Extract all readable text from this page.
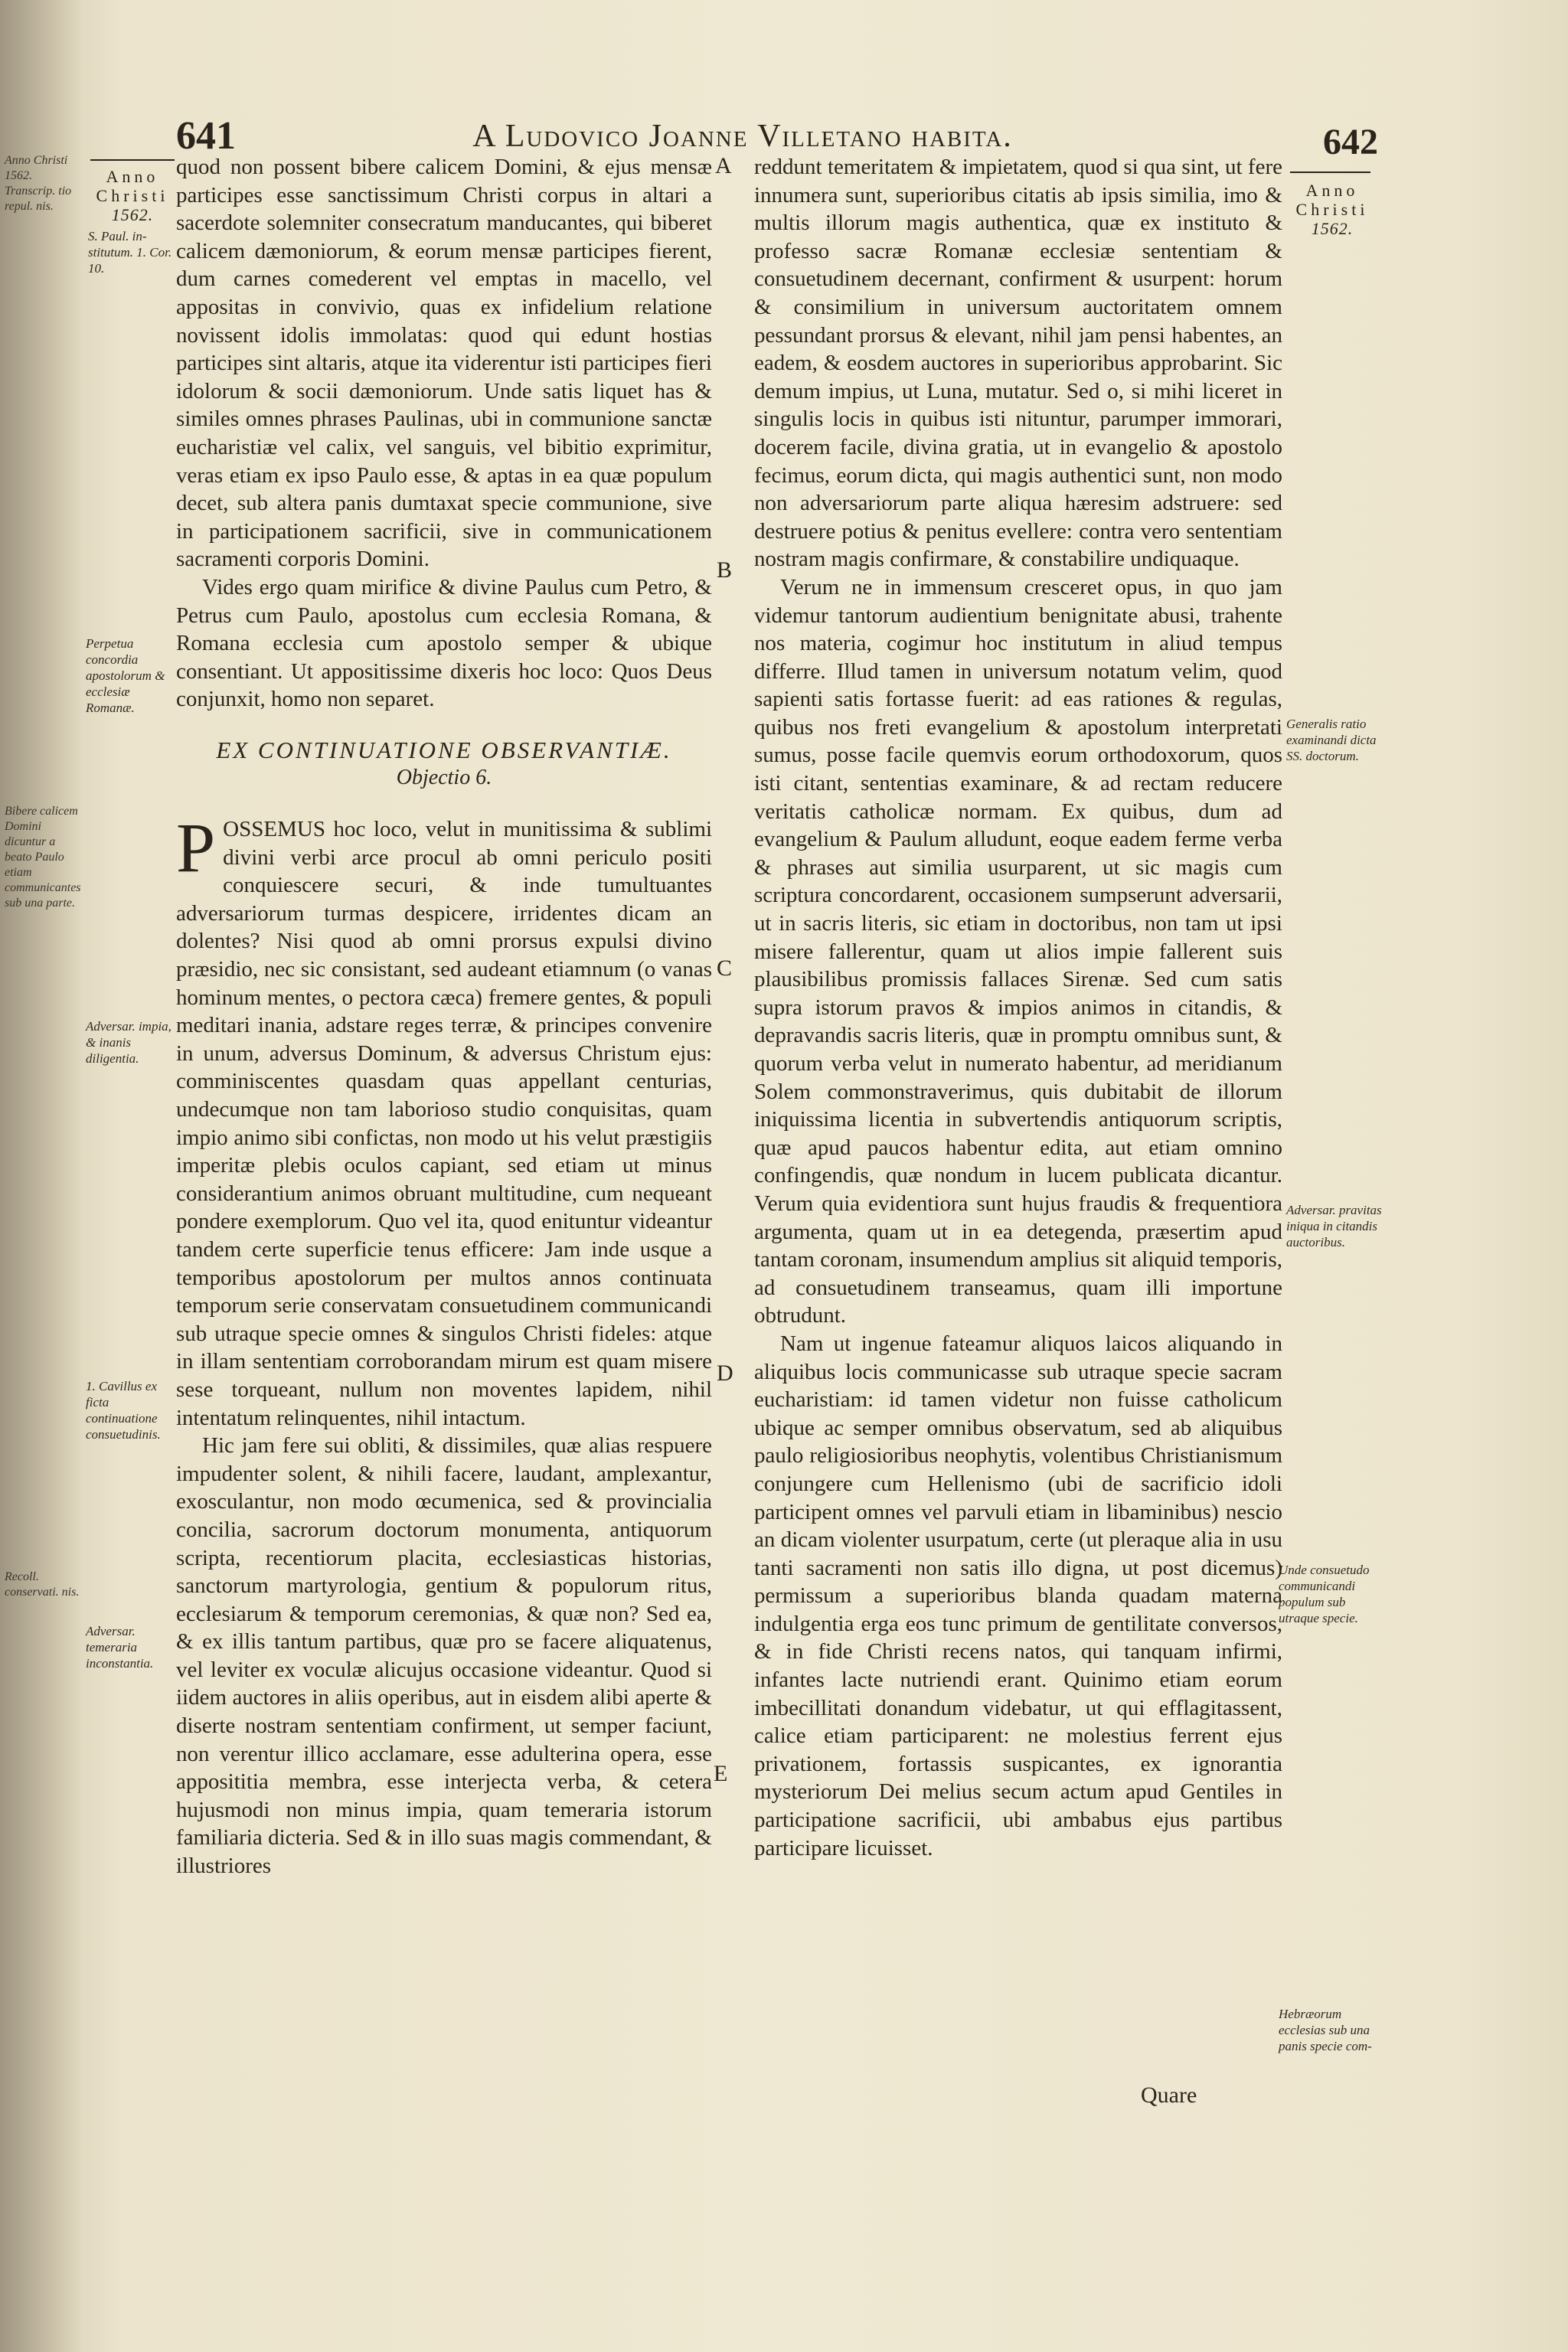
Anno Christi 1562. Transcrip. tio repul. nis.
Bibere calicem Domini dicuntur a beato Paulo etiam communicantes sub una parte.
Recoll. conservati. nis.
641	A Ludovico Joanne Villetano habita.	642
Anno
Christi
1562.
S. Paul. in-stitutum. 1. Cor. 10.
Perpetua concordia apostolorum & ecclesiæ Romanæ.
Adversar. impia, & inanis diligentia.
1. Cavillus ex ficta continuatione consuetudinis.
Adversar. temeraria inconstantia.
Anno
Christi
1562.
Generalis ratio examinandi dicta SS. doctorum.
Adversar. pravitas iniqua in citandis auctoribus.
Unde consuetudo communicandi populum sub utraque specie.
Hebræorum ecclesias sub una panis specie com-
A
B
C
D
E

quod non possent bibere calicem Domini, & ejus mensæ participes esse sanctissimum Christi corpus in altari a sacerdote solemniter consecratum manducantes, qui biberet calicem dæmoniorum, & eorum mensæ participes fierent, dum carnes comederent vel emptas in macello, vel appositas in convivio, quas ex infidelium relatione novissent idolis immolatas: quod qui edunt hostias participes sint altaris, atque ita viderentur isti participes fieri idolorum & socii dæmoniorum. Unde satis liquet has & similes omnes phrases Paulinas, ubi in communione sanctæ eucharistiæ vel calix, vel sanguis, vel bibitio exprimitur, veras etiam ex ipso Paulo esse, & aptas in ea quæ populum decet, sub altera panis dumtaxat specie communione, sive in participationem sacrificii, sive in communicationem sacramenti corporis Domini.

Vides ergo quam mirifice & divine Paulus cum Petro, & Petrus cum Paulo, apostolus cum ecclesia Romana, & Romana ecclesia cum apostolo semper & ubique consentiant. Ut appositissime dixeris hoc loco: Quos Deus conjunxit, homo non separet.

EX CONTINUATIONE OBSERVANTIÆ.
Objectio 6.

POSSEMUS hoc loco, velut in munitissima & sublimi divini verbi arce procul ab omni periculo positi conquiescere securi, & inde tumultuantes adversariorum turmas despicere, irridentes dicam an dolentes? Nisi quod ab omni prorsus expulsi divino præsidio, nec sic consistant, sed audeant etiamnum (o vanas hominum mentes, o pectora cæca) fremere gentes, & populi meditari inania, adstare reges terræ, & principes convenire in unum, adversus Dominum, & adversus Christum ejus: comminiscentes quasdam quas appellant centurias, undecumque non tam laborioso studio conquisitas, quam impio animo sibi confictas, non modo ut his velut præstigiis imperitæ plebis oculos capiant, sed etiam ut minus considerantium animos obruant multitudine, cum nequeant pondere exemplorum. Quo vel ita, quod enituntur videantur tandem certe superficie tenus efficere: Jam inde usque a temporibus apostolorum per multos annos continuata temporum serie conservatam consuetudinem communicandi sub utraque specie omnes & singulos Christi fideles: atque in illam sententiam corroborandam mirum est quam misere sese torqueant, nullum non moventes lapidem, nihil intentatum relinquentes, nihil intactum.

Hic jam fere sui obliti, & dissimiles, quæ alias respuere impudenter solent, & nihili facere, laudant, amplexantur, exosculantur, non modo œcumenica, sed & provincialia concilia, sacrorum doctorum monumenta, antiquorum scripta, recentiorum placita, ecclesiasticas historias, sanctorum martyrologia, gentium & populorum ritus, ecclesiarum & temporum ceremonias, & quæ non? Sed ea, & ex illis tantum partibus, quæ pro se facere aliquatenus, vel leviter ex voculæ alicujus occasione videantur. Quod si iidem auctores in aliis operibus, aut in eisdem alibi aperte & diserte nostram sententiam confirment, ut semper faciunt, non verentur illico acclamare, esse adulterina opera, esse apposititia membra, esse interjecta verba, & cetera hujusmodi non minus impia, quam temeraria istorum familiaria dicteria. Sed & in illo suas magis commendant, & illustriores

reddunt temeritatem & impietatem, quod si qua sint, ut fere innumera sunt, superioribus citatis ab ipsis similia, imo & multis illorum magis authentica, quæ ex instituto & professo sacræ Romanæ ecclesiæ sententiam & consuetudinem decernant, confirment & usurpent: horum & consimilium in universum auctoritatem omnem pessundant prorsus & elevant, nihil jam pensi habentes, an eadem, & eosdem auctores in superioribus approbarint. Sic demum impius, ut Luna, mutatur. Sed o, si mihi liceret in singulis locis in quibus isti nituntur, parumper immorari, docerem facile, divina gratia, ut in evangelio & apostolo fecimus, eorum dicta, qui magis authentici sunt, non modo non adversariorum parte aliqua hæresim adstruere: sed destruere potius & penitus evellere: contra vero sententiam nostram magis confirmare, & constabilire undiquaque.

Verum ne in immensum cresceret opus, in quo jam videmur tantorum audientium benignitate abusi, trahente nos materia, cogimur hoc institutum in aliud tempus differre. Illud tamen in universum notatum velim, quod sapienti satis fortasse fuerit: ad eas rationes & regulas, quibus nos freti evangelium & apostolum interpretati sumus, posse facile quemvis eorum orthodoxorum, quos isti citant, sententias examinare, & ad rectam reducere veritatis catholicæ normam. Ex quibus, dum ad evangelium & Paulum alludunt, eoque eadem ferme verba & phrases aut similia usurparent, ut sic magis cum scriptura concordarent, occasionem sumpserunt adversarii, ut in sacris literis, sic etiam in doctoribus, non tam ut ipsi misere fallerentur, quam ut alios impie fallerent suis plausibilibus promissis fallaces Sirenæ. Sed cum satis supra istorum pravos & impios animos in citandis, & depravandis sacris literis, quæ in promptu omnibus sunt, & quorum verba velut in numerato habentur, ad meridianum Solem commonstraverimus, quis dubitabit de illorum iniquissima licentia in subvertendis antiquorum scriptis, quæ apud paucos habentur edita, aut etiam omnino confingendis, quæ nondum in lucem publicata dicantur. Verum quia evidentiora sunt hujus fraudis & frequentiora argumenta, quam ut in ea detegenda, præsertim apud tantam coronam, insumendum amplius sit aliquid temporis, ad consuetudinem transeamus, quam illi importune obtrudunt.

Nam ut ingenue fateamur aliquos laicos aliquando in aliquibus locis communicasse sub utraque specie sacram eucharistiam: id tamen videtur non fuisse catholicum ubique ac semper omnibus observatum, sed ab aliquibus paulo religiosioribus neophytis, volentibus Christianismum conjungere cum Hellenismo (ubi de sacrificio idoli participent omnes vel parvuli etiam in libaminibus) nescio an dicam violenter usurpatum, certe (ut pleraque alia in usu tanti sacramenti non satis illo digna, ut post dicemus) permissum a superioribus blanda quadam materna indulgentia erga eos tunc primum de gentilitate conversos, & in fide Christi recens natos, qui tanquam infirmi, infantes lacte nutriendi erant. Quinimo etiam eorum imbecillitati donandum videbatur, ut qui efflagitassent, calice etiam participarent: ne molestius ferrent ejus privationem, fortassis suspicantes, ex ignorantia mysteriorum Dei melius secum actum apud Gentiles in participatione sacrificii, ubi ambabus ejus partibus participare licuisset.

Quare
